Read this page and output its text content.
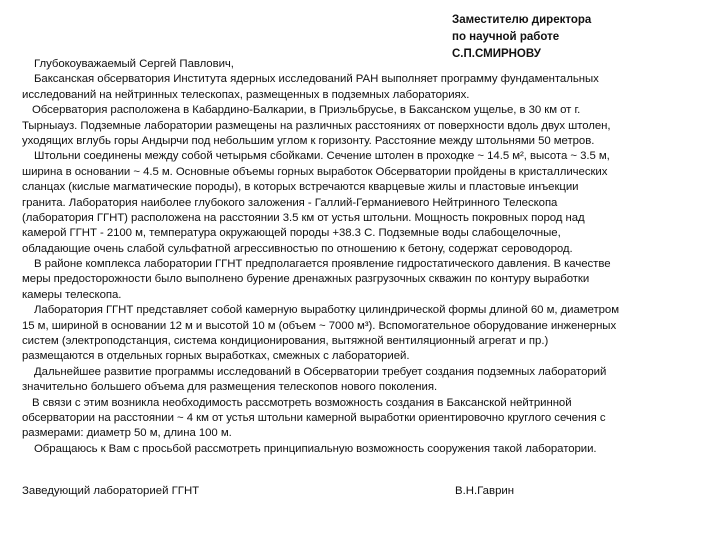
Заместителю директора
по научной работе
С.П.СМИРНОВУ
Глубокоуважаемый Сергей Павлович,
Баксанская обсерватория Института ядерных исследований РАН выполняет программу фундаментальных
исследований на нейтринных телескопах, размещенных в подземных лабораториях.
Обсерватория расположена в Кабардино-Балкарии, в Приэльбрусье, в Баксанском ущелье, в 30 км от г.
Тырныауз. Подземные лаборатории размещены на различных расстояниях от поверхности вдоль двух штолен,
уходящих вглубь горы Андырчи под небольшим углом к горизонту. Расстояние между штольнями 50 метров.
Штольни соединены между собой четырьмя сбойками. Сечение штолен в проходке ~ 14.5 м², высота ~ 3.5 м,
ширина в основании ~ 4.5 м. Основные объемы горных выработок Обсерватории пройдены в кристаллических
сланцах (кислые магматические породы), в которых встречаются кварцевые жилы и пластовые инъекции
гранита. Лаборатория наиболее глубокого заложения - Галлий-Германиевого Нейтринного Телескопа
(лаборатория ГГНТ) расположена на расстоянии 3.5 км от устья штольни. Мощность покровных пород над
камерой ГГНТ - 2100 м, температура окружающей породы +38.3 С. Подземные воды слабощелочные,
обладающие очень слабой сульфатной агрессивностью по отношению к бетону, содержат сероводород.
В районе комплекса лаборатории ГГНТ предполагается проявление гидростатического давления. В качестве
меры предосторожности было выполнено бурение дренажных разгрузочных скважин по контуру выработки
камеры телескопа.
Лаборатория ГГНТ представляет собой камерную выработку цилиндрической формы длиной 60 м, диаметром
15 м, шириной в основании 12 м и высотой 10 м (объем ~ 7000 м³). Вспомогательное оборудование инженерных
систем (электроподстанция, система кондиционирования, вытяжной вентиляционный агрегат и пр.)
размещаются в отдельных горных выработках, смежных с лабораторией.
Дальнейшее развитие программы исследований в Обсерватории требует создания подземных лабораторий
значительно большего объема для размещения телескопов нового поколения.
В связи с этим возникла необходимость рассмотреть возможность создания в Баксанской нейтринной
обсерватории на расстоянии ~ 4 км от устья штольни камерной выработки ориентировочно круглого сечения с
размерами: диаметр 50 м, длина 100 м.
Обращаюсь к Вам с просьбой рассмотреть принципиальную возможность сооружения такой лаборатории.
Заведующий лабораторией ГГНТ	В.Н.Гаврин
